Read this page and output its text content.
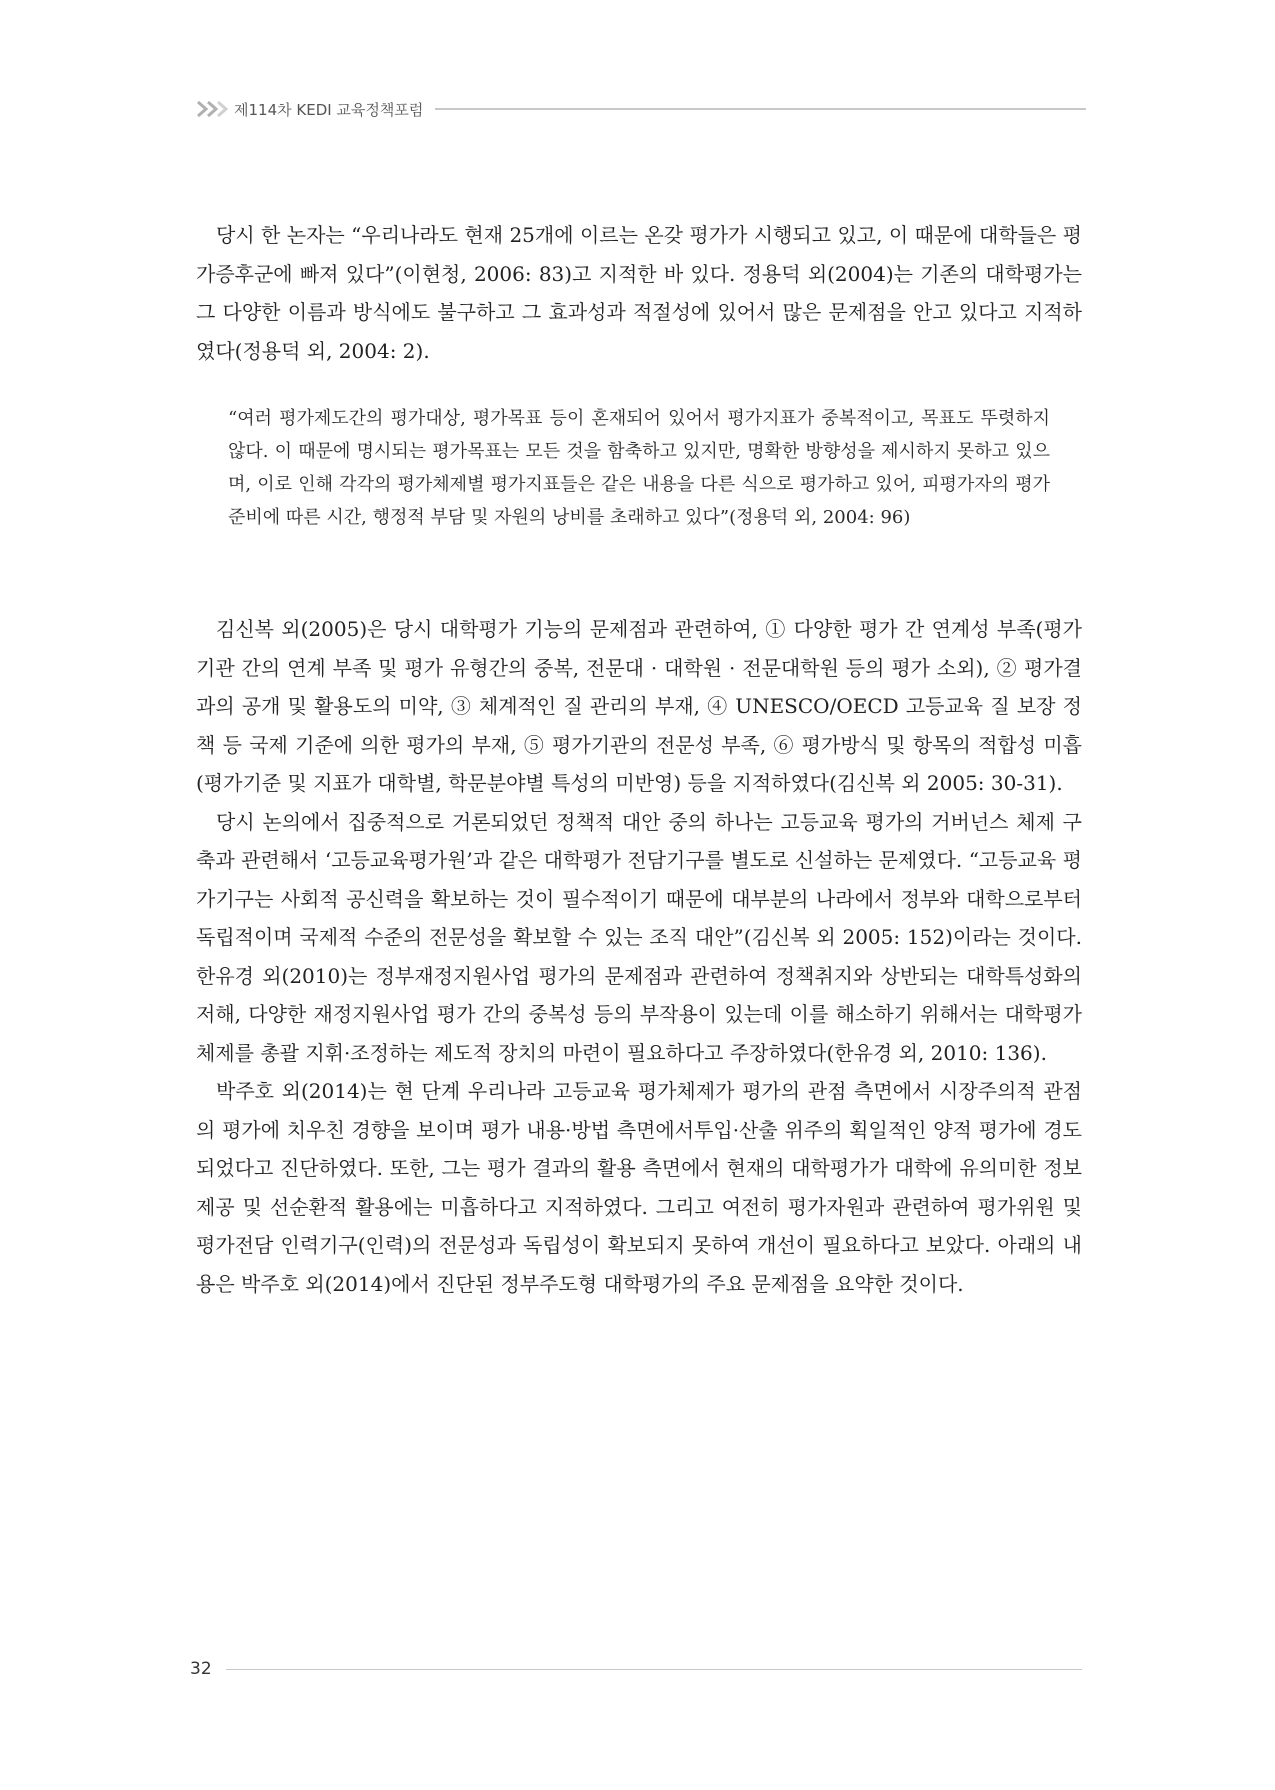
제114차 KEDI 교육정책포럼

당시 한 논자는 “우리나라도 현재 25개에 이르는 온갖 평가가 시행되고 있고, 이 때문에 대학들은 평가증후군에 빠져 있다”(이현청, 2006: 83)고 지적한 바 있다. 정용덕 외(2004)는 기존의 대학평가는 그 다양한 이름과 방식에도 불구하고 그 효과성과 적절성에 있어서 많은 문제점을 안고 있다고 지적하였다(정용덕 외, 2004: 2).

“여러 평가제도간의 평가대상, 평가목표 등이 혼재되어 있어서 평가지표가 중복적이고, 목표도 뚜렷하지 않다. 이 때문에 명시되는 평가목표는 모든 것을 함축하고 있지만, 명확한 방향성을 제시하지 못하고 있으며, 이로 인해 각각의 평가체제별 평가지표들은 같은 내용을 다른 식으로 평가하고 있어, 피평가자의 평가준비에 따른 시간, 행정적 부담 및 자원의 낭비를 초래하고 있다”(정용덕 외, 2004: 96)

김신복 외(2005)은 당시 대학평가 기능의 문제점과 관련하여, ① 다양한 평가 간 연계성 부족(평가기관 간의 연계 부족 및 평가 유형간의 중복, 전문대 · 대학원 · 전문대학원 등의 평가 소외), ② 평가결과의 공개 및 활용도의 미약, ③ 체계적인 질 관리의 부재, ④ UNESCO/OECD 고등교육 질 보장 정책 등 국제 기준에 의한 평가의 부재, ⑤ 평가기관의 전문성 부족, ⑥ 평가방식 및 항목의 적합성 미흡(평가기준 및 지표가 대학별, 학문분야별 특성의 미반영) 등을 지적하였다(김신복 외 2005: 30-31).

당시 논의에서 집중적으로 거론되었던 정책적 대안 중의 하나는 고등교육 평가의 거버넌스 체제 구축과 관련해서 ‘고등교육평가원’과 같은 대학평가 전담기구를 별도로 신설하는 문제였다. “고등교육 평가기구는 사회적 공신력을 확보하는 것이 필수적이기 때문에 대부분의 나라에서 정부와 대학으로부터 독립적이며 국제적 수준의 전문성을 확보할 수 있는 조직 대안”(김신복 외 2005: 152)이라는 것이다. 한유경 외(2010)는 정부재정지원사업 평가의 문제점과 관련하여 정책취지와 상반되는 대학특성화의 저해, 다양한 재정지원사업 평가 간의 중복성 등의 부작용이 있는데 이를 해소하기 위해서는 대학평가체제를 총괄 지휘·조정하는 제도적 장치의 마련이 필요하다고 주장하였다(한유경 외, 2010: 136).

박주호 외(2014)는 현 단계 우리나라 고등교육 평가체제가 평가의 관점 측면에서 시장주의적 관점의 평가에 치우친 경향을 보이며 평가 내용·방법 측면에서투입·산출 위주의 획일적인 양적 평가에 경도되었다고 진단하였다. 또한, 그는 평가 결과의 활용 측면에서 현재의 대학평가가 대학에 유의미한 정보제공 및 선순환적 활용에는 미흡하다고 지적하였다. 그리고 여전히 평가자원과 관련하여 평가위원 및 평가전담 인력기구(인력)의 전문성과 독립성이 확보되지 못하여 개선이 필요하다고 보았다. 아래의 내용은 박주호 외(2014)에서 진단된 정부주도형 대학평가의 주요 문제점을 요약한 것이다.

32
